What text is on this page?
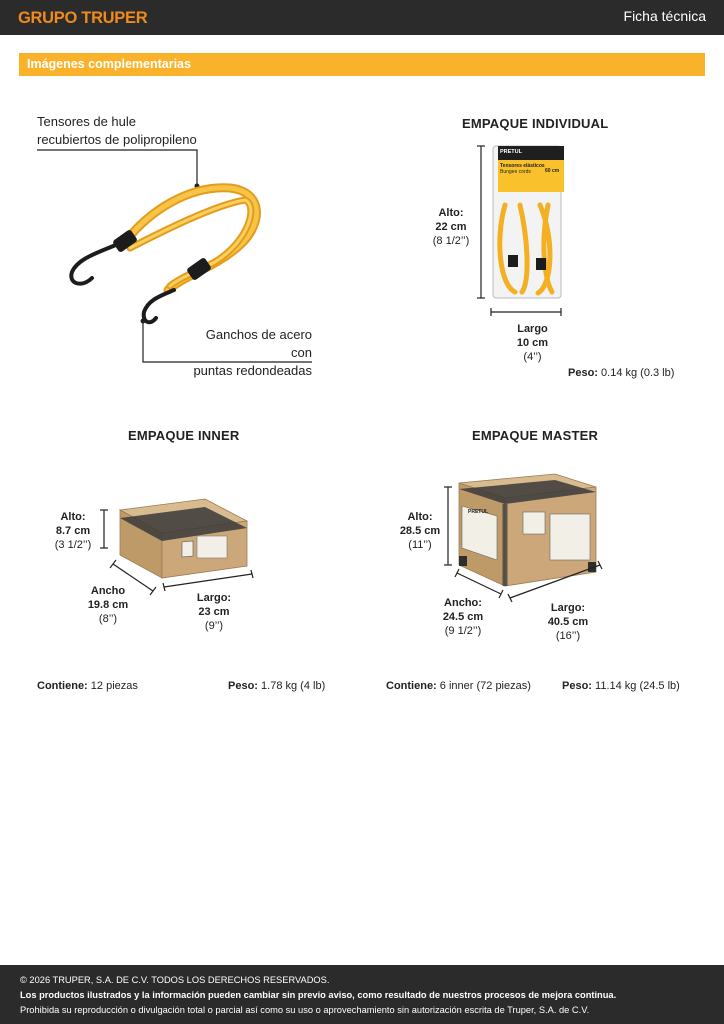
GRUPO TRUPER	Ficha técnica
Imágenes complementarias
Tensores de hule
recubiertos de polipropileno
Ganchos de acero con
puntas redondeadas
EMPAQUE INDIVIDUAL
PRETUL
Tensores elásticos
Bungee cords	60 cm
Alto:
22 cm
(8 1/2’’)
Largo
10 cm
(4’’)
Peso: 0.14 kg (0.3 lb)
EMPAQUE INNER
Alto:
8.7 cm
(3 1/2’’)
Ancho
19.8 cm
(8’’)
Largo:
23 cm
(9’’)
Contiene: 12 piezas	Peso: 1.78 kg (4 lb)
EMPAQUE MASTER
PRETUL
Alto:
28.5 cm
(11’’)
Ancho:
24.5 cm
(9 1/2’’)
Largo:
40.5 cm
(16’’)
Contiene: 6 inner (72 piezas)	Peso: 11.14 kg (24.5 lb)

© 2026 TRUPER, S.A. DE C.V. TODOS LOS DERECHOS RESERVADOS.

Los productos ilustrados y la información pueden cambiar sin previo aviso, como resultado de nuestros procesos de mejora continua.

Prohibida su reproducción o divulgación total o parcial así como su uso o aprovechamiento sin autorización escrita de Truper, S.A. de C.V.
